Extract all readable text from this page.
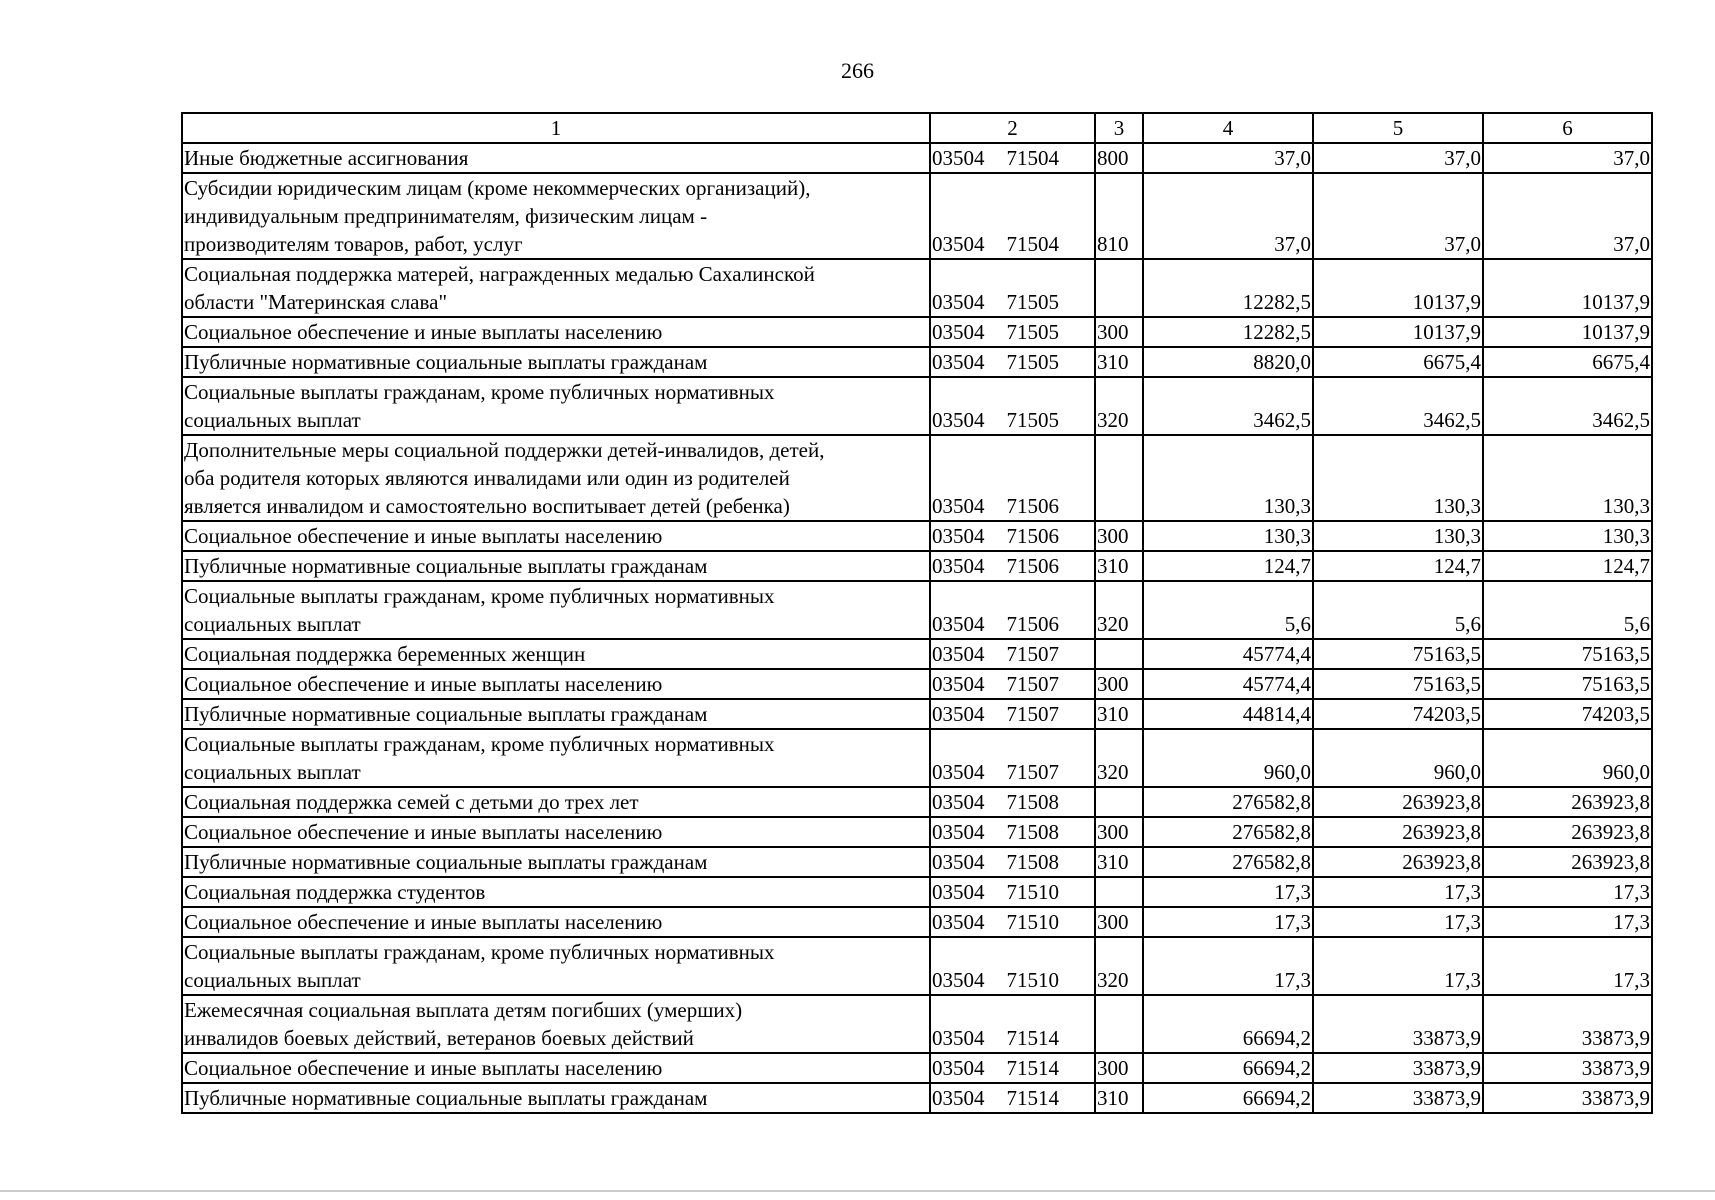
266
1	2	3	4	5	6
Иные бюджетные ассигнования	03504 71504	800	37,0	37,0	37,0
Субсидии юридическим лицам (кроме некоммерческих организаций),
индивидуальным предпринимателям, физическим лицам -
производителям товаров, работ, услуг	03504 71504	810	37,0	37,0	37,0
Социальная поддержка матерей, награжденных медалью Сахалинской
области "Материнская слава"	03504 71505		12282,5	10137,9	10137,9
Социальное обеспечение и иные выплаты населению	03504 71505	300	12282,5	10137,9	10137,9
Публичные нормативные социальные выплаты гражданам	03504 71505	310	8820,0	6675,4	6675,4
Социальные выплаты гражданам, кроме публичных нормативных
социальных выплат	03504 71505	320	3462,5	3462,5	3462,5
Дополнительные меры социальной поддержки детей-инвалидов, детей,
оба родителя которых являются инвалидами или один из родителей
является инвалидом и самостоятельно воспитывает детей (ребенка)	03504 71506		130,3	130,3	130,3
Социальное обеспечение и иные выплаты населению	03504 71506	300	130,3	130,3	130,3
Публичные нормативные социальные выплаты гражданам	03504 71506	310	124,7	124,7	124,7
Социальные выплаты гражданам, кроме публичных нормативных
социальных выплат	03504 71506	320	5,6	5,6	5,6
Социальная поддержка беременных женщин	03504 71507		45774,4	75163,5	75163,5
Социальное обеспечение и иные выплаты населению	03504 71507	300	45774,4	75163,5	75163,5
Публичные нормативные социальные выплаты гражданам	03504 71507	310	44814,4	74203,5	74203,5
Социальные выплаты гражданам, кроме публичных нормативных
социальных выплат	03504 71507	320	960,0	960,0	960,0
Социальная поддержка семей с детьми до трех лет	03504 71508		276582,8	263923,8	263923,8
Социальное обеспечение и иные выплаты населению	03504 71508	300	276582,8	263923,8	263923,8
Публичные нормативные социальные выплаты гражданам	03504 71508	310	276582,8	263923,8	263923,8
Социальная поддержка студентов	03504 71510		17,3	17,3	17,3
Социальное обеспечение и иные выплаты населению	03504 71510	300	17,3	17,3	17,3
Социальные выплаты гражданам, кроме публичных нормативных
социальных выплат	03504 71510	320	17,3	17,3	17,3
Ежемесячная социальная выплата детям погибших (умерших)
инвалидов боевых действий, ветеранов боевых действий	03504 71514		66694,2	33873,9	33873,9
Социальное обеспечение и иные выплаты населению	03504 71514	300	66694,2	33873,9	33873,9
Публичные нормативные социальные выплаты гражданам	03504 71514	310	66694,2	33873,9	33873,9
